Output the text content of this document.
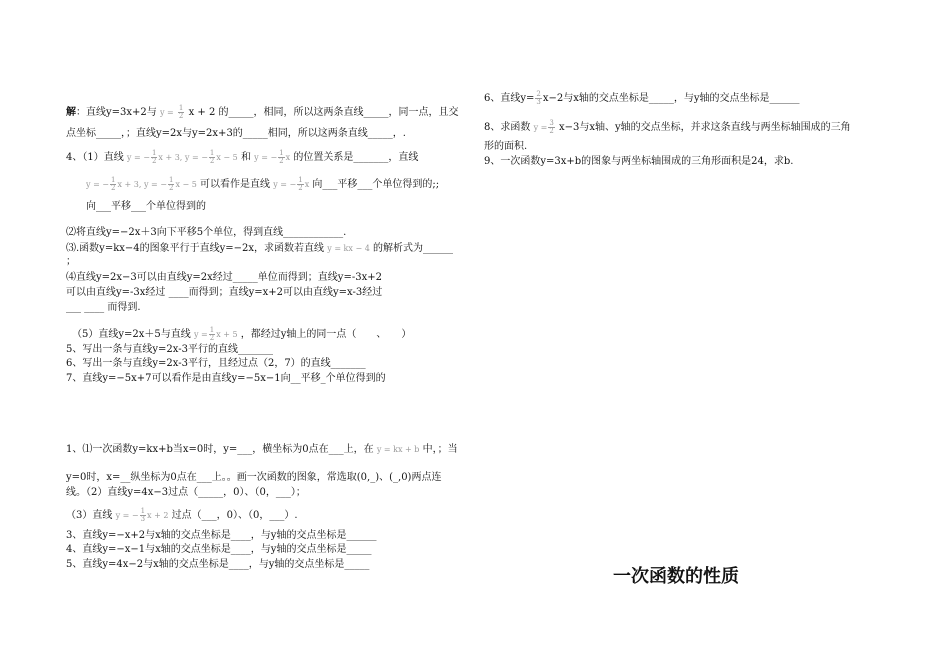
解：直线y=3x+2与 $y = \frac{1}{2}$ x + 2 的_____，相同，所以这两条直线_____，同一点，且交
点坐标_____，；直线y=2x与y=2x+3的_____相同，所以这两条直线_____，.
4、（1）直线 y = − $\frac{1}{2}$ x + 3, y = − $\frac{1}{2}$ x − 5 和 y = − $\frac{1}{2}$ x 的位置关系是_______，直线
y = − $\frac{1}{2}$ x + 3, y = − $\frac{1}{2}$ x − 5 可以看作是直线 y = − $\frac{1}{2}$ x 向___平移___个单位得到的;;
向___平移___个单位得到的
⑵将直线y=−2x＋3向下平移5个单位，得到直线____________.
⑶.函数y=kx−4的图象平行于直线y=−2x，求函数若直线 y = kx − 4 的解析式为______
；
⑷直线y=2x−3可以由直线y=2x经过_____单位而得到；直线y=-3x+2
可以由直线y=-3x经过 ____而得到；直线y=x+2可以由直线y=x-3经过
___ ____ 而得到.
（5）直线y=2x＋5与直线 $y = \frac{1}{2}$ x + 5 ，都经过y轴上的同一点（　　、　　）
5、写出一条与直线y=2x-3平行的直线_______
6、写出一条与直线y=2x-3平行，且经过点（2，7）的直线_______
7、直线y=−5x+7可以看作是由直线y=−5x−1向__平移_个单位得到的
1、⑴一次函数y=kx+b当x=0时，y=___，横坐标为0点在___上，在 y = kx + b 中，；当
y=0时，x=__纵坐标为0点在___上。。画一次函数的图象，常选取(0,_)、(_,0)两点连
线。（2）直线y=4x−3过点（_____，0）、（0，___）；
（3）直线 y = − $\frac{1}{3}$ x + 2 过点（___，0）、（0，___）.
3、直线y=−x+2与x轴的交点坐标是____，与y轴的交点坐标是______
4、直线y=−x−1与x轴的交点坐标是____，与y轴的交点坐标是_____
5、直线y=4x−2与x轴的交点坐标是____，与y轴的交点坐标是_____
6、直线$y= \frac{2}{3} x-2$与x轴的交点坐标是_____，与y轴的交点坐标是______
8、求函数 $y = \frac{3}{2} x-3$与x轴、y轴的交点坐标，并求这条直线与两坐标轴围成的三角
形的面积.
9、一次函数y=3x+b的图象与两坐标轴围成的三角形面积是24，求b.
一次函数的性质
